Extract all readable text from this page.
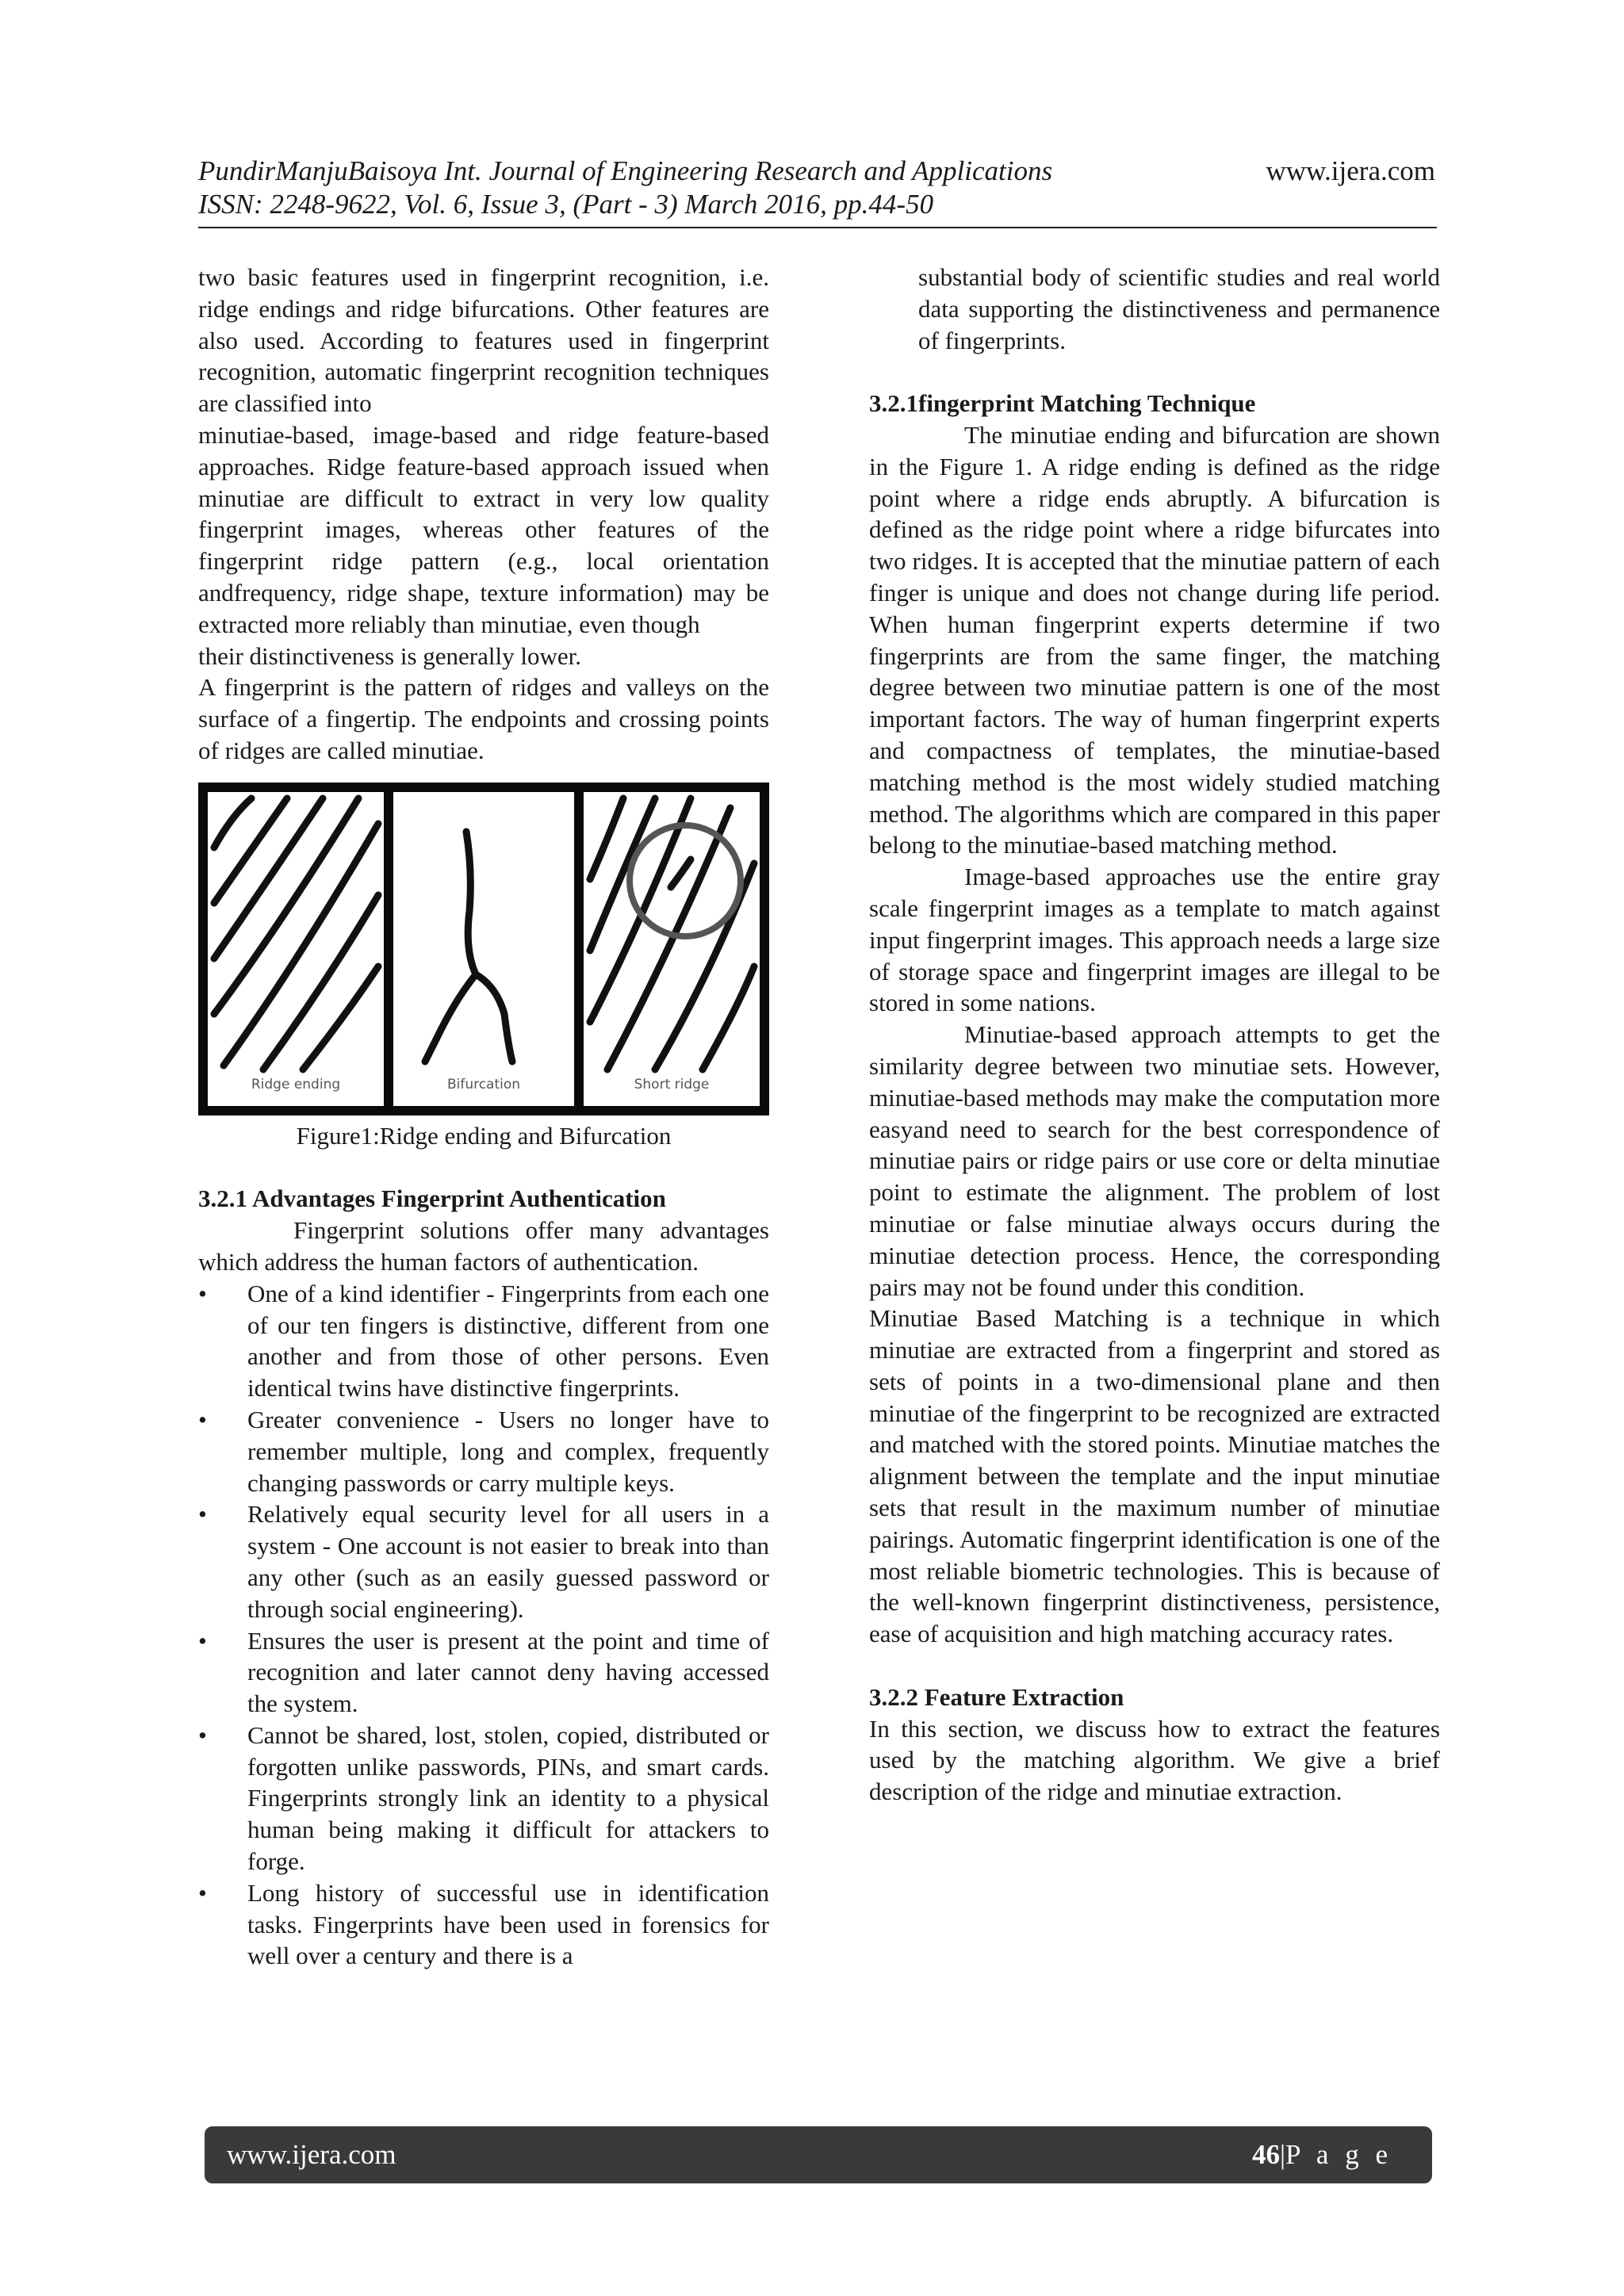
PundirManjuBaisoya Int. Journal of Engineering Research and Applications	www.ijera.com
ISSN: 2248-9622, Vol. 6, Issue 3, (Part - 3) March 2016, pp.44-50

two basic features used in fingerprint recognition, i.e. ridge endings and ridge bifurcations. Other features are also used. According to features used in fingerprint recognition, automatic fingerprint recognition techniques are classified into

minutiae-based, image-based and ridge feature-based approaches. Ridge feature-based approach issued when minutiae are difficult to extract in very low quality fingerprint images, whereas other features of the fingerprint ridge pattern (e.g., local orientation andfrequency, ridge shape, texture information) may be extracted more reliably than minutiae, even though

their distinctiveness is generally lower.

A fingerprint is the pattern of ridges and valleys on the surface of a fingertip. The endpoints and crossing points of ridges are called minutiae.

Ridge ending	Bifurcation	Short ridge
Figure1:Ridge ending and Bifurcation
3.2.1 Advantages Fingerprint Authentication

Fingerprint solutions offer many advantages which address the human factors of authentication.

• One of a kind identifier - Fingerprints from each one of our ten fingers is distinctive, different from one another and from those of other persons. Even identical twins have distinctive fingerprints.
• Greater convenience - Users no longer have to remember multiple, long and complex, frequently changing passwords or carry multiple keys.
• Relatively equal security level for all users in a system - One account is not easier to break into than any other (such as an easily guessed password or through social engineering).
• Ensures the user is present at the point and time of recognition and later cannot deny having accessed the system.
• Cannot be shared, lost, stolen, copied, distributed or forgotten unlike passwords, PINs, and smart cards. Fingerprints strongly link an identity to a physical human being making it difficult for attackers to forge.
• Long history of successful use in identification tasks. Fingerprints have been used in forensics for well over a century and there is a

substantial body of scientific studies and real world data supporting the distinctiveness and permanence of fingerprints.

3.2.1fingerprint Matching Technique

The minutiae ending and bifurcation are shown in the Figure 1. A ridge ending is defined as the ridge point where a ridge ends abruptly. A bifurcation is defined as the ridge point where a ridge bifurcates into two ridges. It is accepted that the minutiae pattern of each finger is unique and does not change during life period. When human fingerprint experts determine if two fingerprints are from the same finger, the matching degree between two minutiae pattern is one of the most important factors. The way of human fingerprint experts and compactness of templates, the minutiae-based matching method is the most widely studied matching method. The algorithms which are compared in this paper belong to the minutiae-based matching method.

Image-based approaches use the entire gray scale fingerprint images as a template to match against input fingerprint images. This approach needs a large size of storage space and fingerprint images are illegal to be stored in some nations.

Minutiae-based approach attempts to get the similarity degree between two minutiae sets. However, minutiae-based methods may make the computation more easyand need to search for the best correspondence of minutiae pairs or ridge pairs or use core or delta minutiae point to estimate the alignment. The problem of lost minutiae or false minutiae always occurs during the minutiae detection process. Hence, the corresponding pairs may not be found under this condition.

Minutiae Based Matching is a technique in which minutiae are extracted from a fingerprint and stored as sets of points in a two-dimensional plane and then minutiae of the fingerprint to be recognized are extracted and matched with the stored points. Minutiae matches the alignment between the template and the input minutiae sets that result in the maximum number of minutiae pairings. Automatic fingerprint identification is one of the most reliable biometric technologies. This is because of the well-known fingerprint distinctiveness, persistence, ease of acquisition and high matching accuracy rates.

3.2.2 Feature Extraction

In this section, we discuss how to extract the features used by the matching algorithm. We give a brief description of the ridge and minutiae extraction.

www.ijera.com	46|P a g e
